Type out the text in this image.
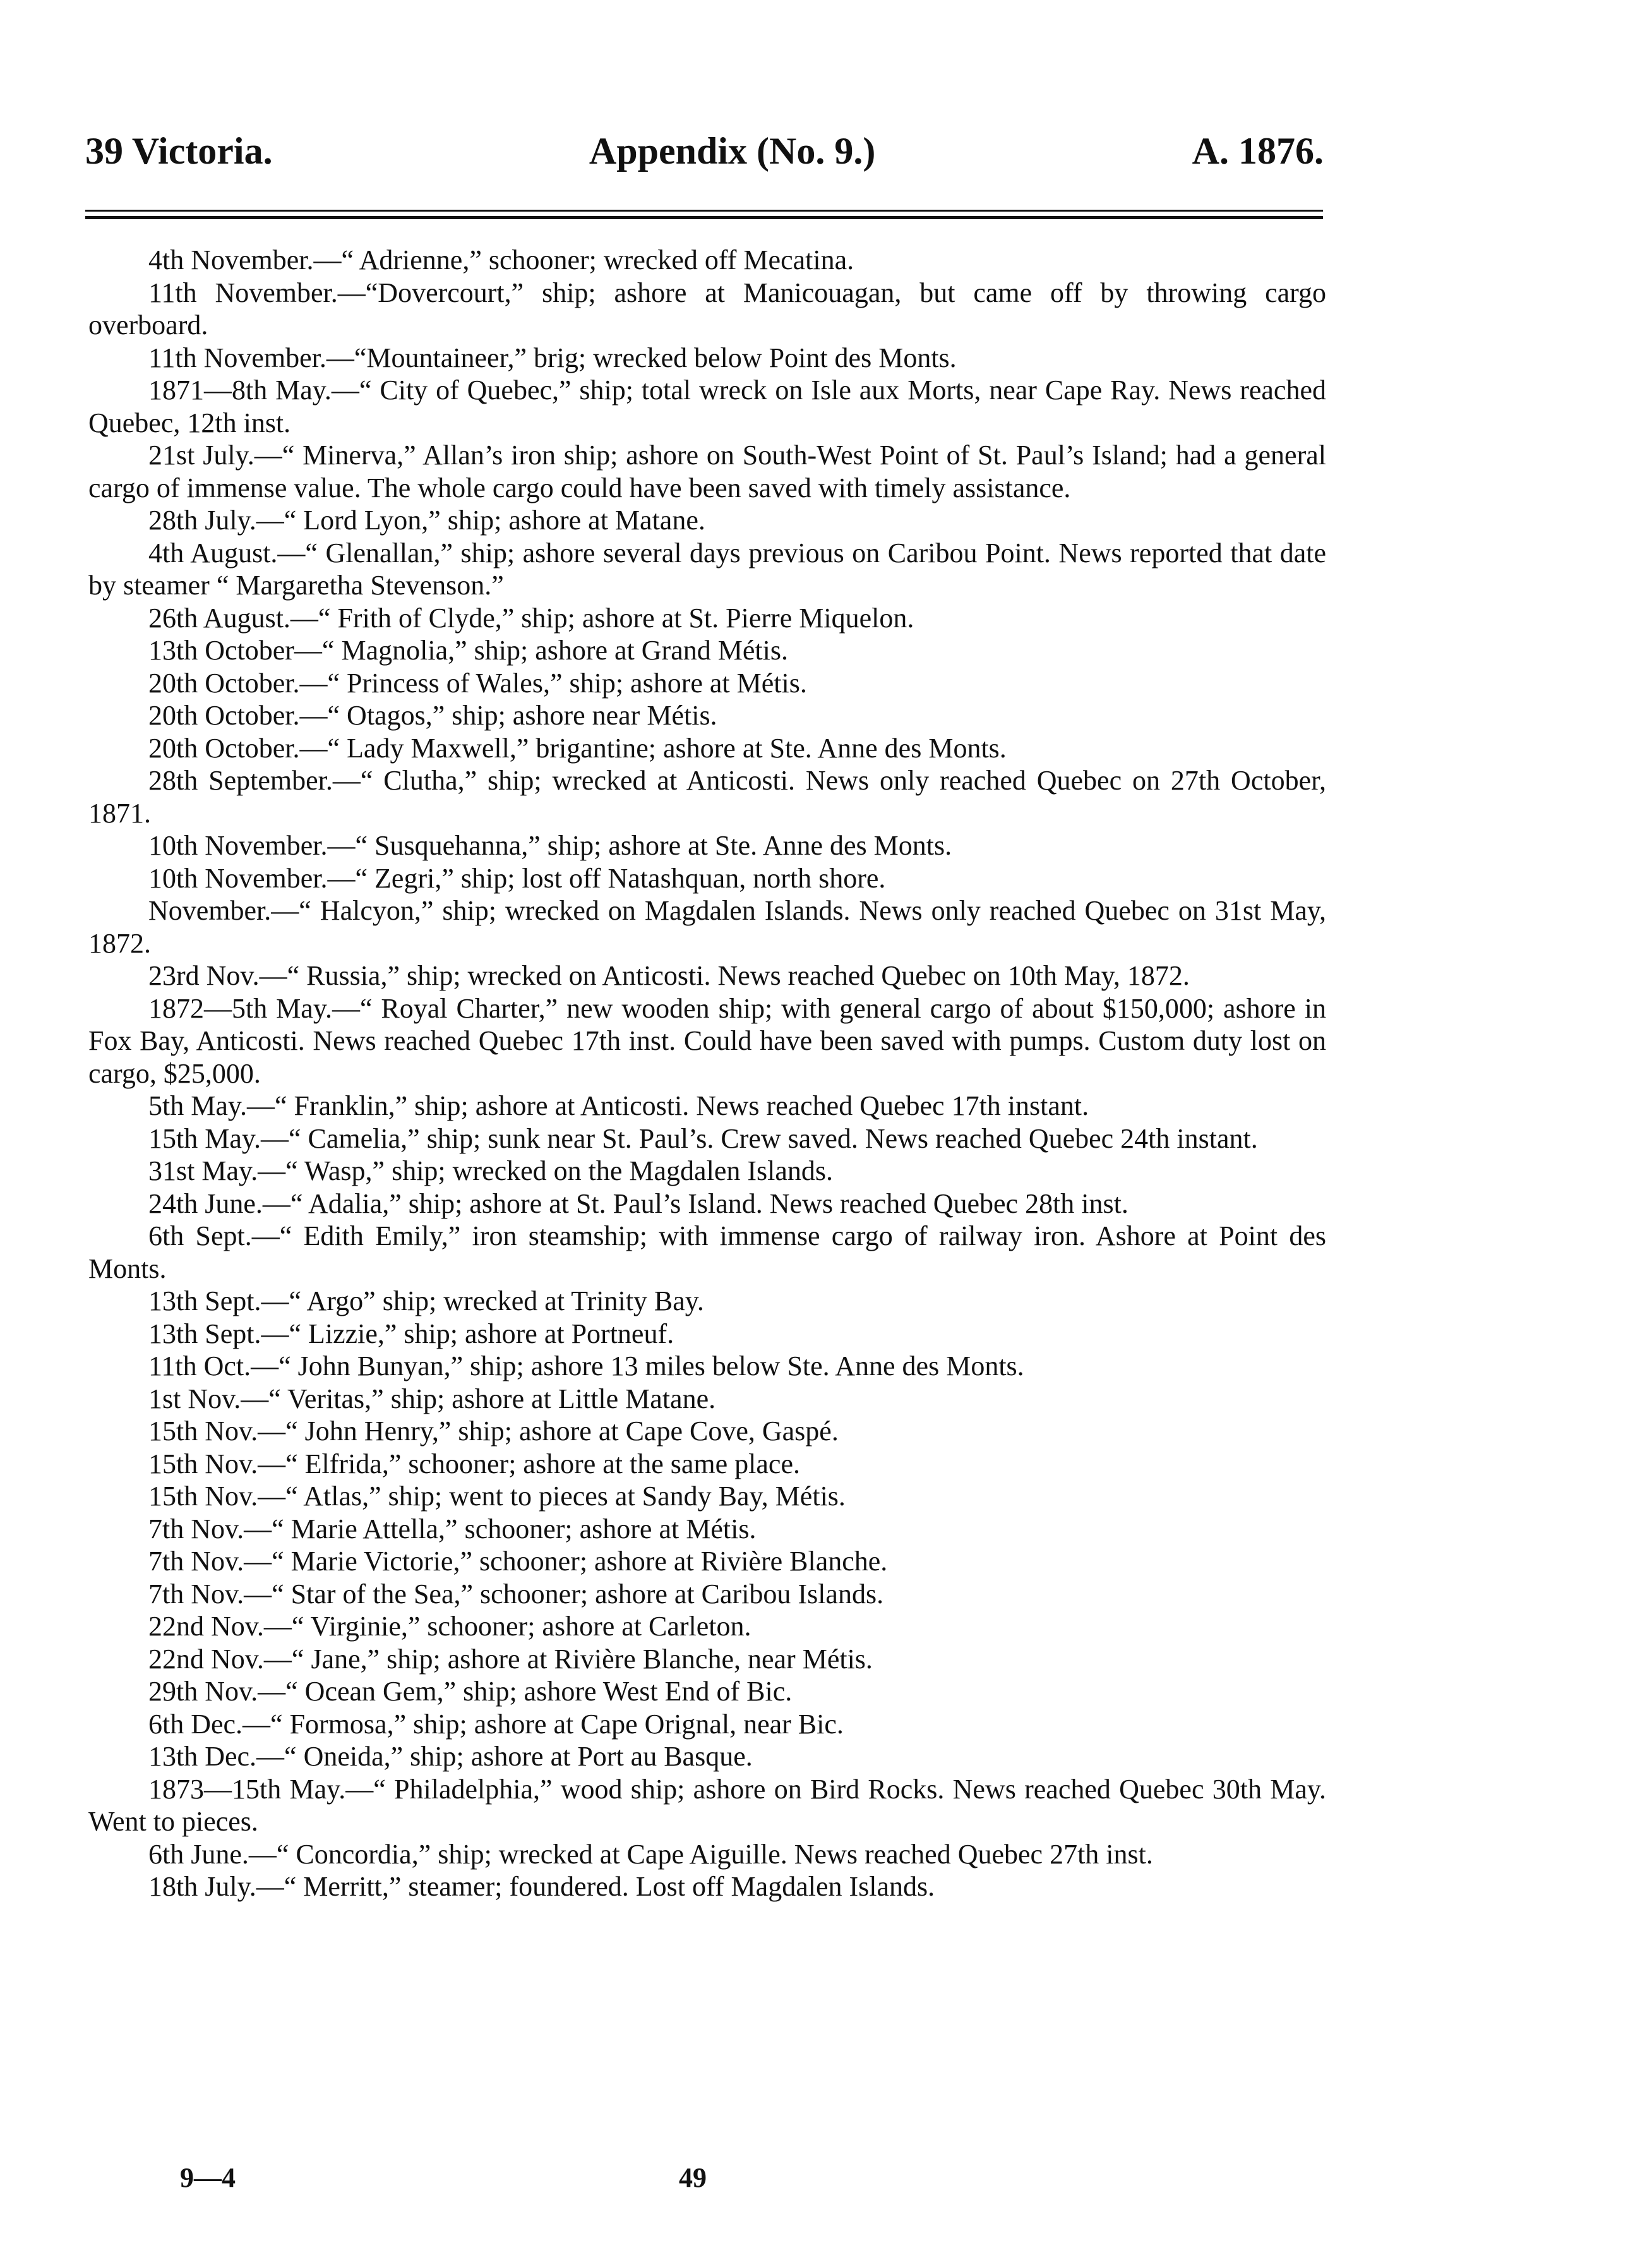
39 Victoria.	Appendix (No. 9.)	A. 1876.

4th November.—“ Adrienne,” schooner; wrecked off Mecatina.

11th November.—“Dovercourt,” ship; ashore at Manicouagan, but came off by throwing cargo overboard.

11th November.—“Mountaineer,” brig; wrecked below Point des Monts.

1871—8th May.—“ City of Quebec,” ship; total wreck on Isle aux Morts, near Cape Ray. News reached Quebec, 12th inst.

21st July.—“ Minerva,” Allan’s iron ship; ashore on South-West Point of St. Paul’s Island; had a general cargo of immense value. The whole cargo could have been saved with timely assistance.

28th July.—“ Lord Lyon,” ship; ashore at Matane.

4th August.—“ Glenallan,” ship; ashore several days previous on Caribou Point. News reported that date by steamer “ Margaretha Stevenson.”

26th August.—“ Frith of Clyde,” ship; ashore at St. Pierre Miquelon.

13th October—“ Magnolia,” ship; ashore at Grand Métis.

20th October.—“ Princess of Wales,” ship; ashore at Métis.

20th October.—“ Otagos,” ship; ashore near Métis.

20th October.—“ Lady Maxwell,” brigantine; ashore at Ste. Anne des Monts.

28th September.—“ Clutha,” ship; wrecked at Anticosti. News only reached Quebec on 27th October, 1871.

10th November.—“ Susquehanna,” ship; ashore at Ste. Anne des Monts.

10th November.—“ Zegri,” ship; lost off Natashquan, north shore.

November.—“ Halcyon,” ship; wrecked on Magdalen Islands. News only reached Quebec on 31st May, 1872.

23rd Nov.—“ Russia,” ship; wrecked on Anticosti. News reached Quebec on 10th May, 1872.

1872—5th May.—“ Royal Charter,” new wooden ship; with general cargo of about $150,000; ashore in Fox Bay, Anticosti. News reached Quebec 17th inst. Could have been saved with pumps. Custom duty lost on cargo, $25,000.

5th May.—“ Franklin,” ship; ashore at Anticosti. News reached Quebec 17th instant.

15th May.—“ Camelia,” ship; sunk near St. Paul’s. Crew saved. News reached Quebec 24th instant.

31st May.—“ Wasp,” ship; wrecked on the Magdalen Islands.

24th June.—“ Adalia,” ship; ashore at St. Paul’s Island. News reached Quebec 28th inst.

6th Sept.—“ Edith Emily,” iron steamship; with immense cargo of railway iron. Ashore at Point des Monts.

13th Sept.—“ Argo” ship; wrecked at Trinity Bay.

13th Sept.—“ Lizzie,” ship; ashore at Portneuf.

11th Oct.—“ John Bunyan,” ship; ashore 13 miles below Ste. Anne des Monts.

1st Nov.—“ Veritas,” ship; ashore at Little Matane.

15th Nov.—“ John Henry,” ship; ashore at Cape Cove, Gaspé.

15th Nov.—“ Elfrida,” schooner; ashore at the same place.

15th Nov.—“ Atlas,” ship; went to pieces at Sandy Bay, Métis.

7th Nov.—“ Marie Attella,” schooner; ashore at Métis.

7th Nov.—“ Marie Victorie,” schooner; ashore at Rivière Blanche.

7th Nov.—“ Star of the Sea,” schooner; ashore at Caribou Islands.

22nd Nov.—“ Virginie,” schooner; ashore at Carleton.

22nd Nov.—“ Jane,” ship; ashore at Rivière Blanche, near Métis.

29th Nov.—“ Ocean Gem,” ship; ashore West End of Bic.

6th Dec.—“ Formosa,” ship; ashore at Cape Orignal, near Bic.

13th Dec.—“ Oneida,” ship; ashore at Port au Basque.

1873—15th May.—“ Philadelphia,” wood ship; ashore on Bird Rocks. News reached Quebec 30th May. Went to pieces.

6th June.—“ Concordia,” ship; wrecked at Cape Aiguille. News reached Quebec 27th inst.

18th July.—“ Merritt,” steamer; foundered. Lost off Magdalen Islands.

9—4	49
